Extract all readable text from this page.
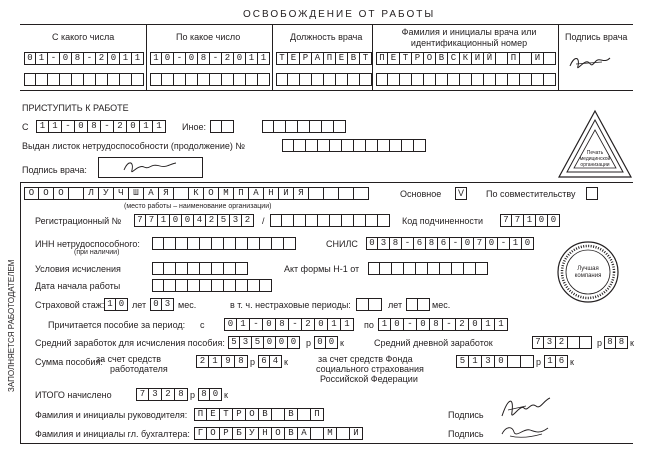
ОСВОБОЖДЕНИЕ ОТ РАБОТЫ
С какого числа	По какое число	Должность врача	Фамилия и инициалы врача или идентификационный номер
Подпись врача
0 1 - 0 8 - 2 0 1 1	1 0 - 0 8 - 2 0 1 1	Т Е Р А П Е В Т	П Е Т Р О В С К И Й	П	И
ПРИСТУПИТЬ К РАБОТЕ
С	1 1 - 0 8 - 2 0 1 1	Иное:
Выдан листок нетрудоспособности (продолжение) №
Подпись врача:
Печать медицинской организации
ЗАПОЛНЯЕТСЯ РАБОТОДАТЕЛЕМ
О	О	О	Л	У	Ч	Ш	А	Я	К	О	М	П	А	Н	И	Я
(место работы – наименование организации)
Основное	V	По совместительству
Регистрационный №	7 7 1 0 0 4 2 5 3 2	/	Код подчиненности	7 7 1 0 0
ИНН нетрудоспособного:
(при наличии)
СНИЛС	0 3 8 - 6 8 6 - 0 7 0 - 1 0
Условия исчисления	Акт формы Н-1 от
Дата начала работы
Лучшая компания
Страховой стаж: 1 0 лет 0 3 мес.	в т. ч. нестраховые периоды:	лет	мес.
Причитается пособие за период: с	0 1 - 0 8 - 2 0 1 1	по 1 0 - 0 8 - 2 0 1 1
Средний заработок для исчисления пособия: 5 3 5 0 0 0	р 0 0 к	Средний дневной заработок	7 3 2	р 8 8 к
Сумма пособия:
за счет средств
работодателя
2 1 9 8 р 6 4 к	за счет средств Фонда
социального страхования
Российской Федерации
5 1 3 0	р 1 6 к
ИТОГО начислено	7 3 2 8 р 8 0 к
Фамилия и инициалы руководителя:	П Е Т Р О В	В	П	Подпись
Фамилия и инициалы гл. бухгалтера: Г О Р Б У Н О В А	М	И	Подпись
